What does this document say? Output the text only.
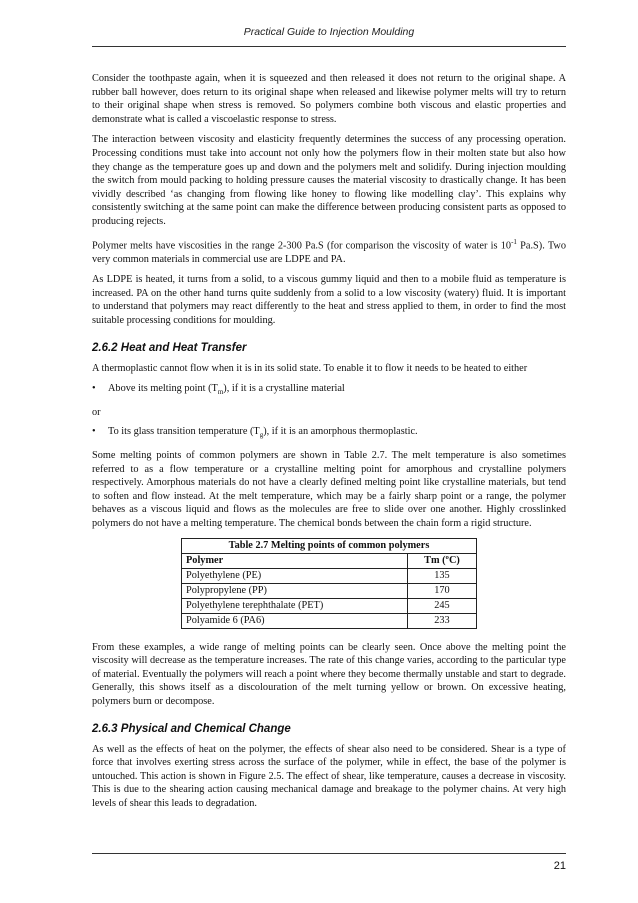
Practical Guide to Injection Moulding

Consider the toothpaste again, when it is squeezed and then released it does not return to the original shape. A rubber ball however, does return to its original shape when released and likewise polymer melts will try to return to their original shape when stress is removed. So polymers combine both viscous and elastic properties and demonstrate what is called a viscoelastic response to stress.

The interaction between viscosity and elasticity frequently determines the success of any processing operation. Processing conditions must take into account not only how the polymers flow in their molten state but also how they change as the temperature goes up and down and the polymers melt and solidify. During injection moulding the switch from mould packing to holding pressure causes the material viscosity to drastically change. It has been vividly described ‘as changing from flowing like honey to flowing like modelling clay’. This explains why consistently switching at the same point can make the difference between producing consistent parts as opposed to producing rejects.

Polymer melts have viscosities in the range 2-300 Pa.S (for comparison the viscosity of water is $10^{-1}$ Pa.S). Two very common materials in commercial use are LDPE and PA.

As LDPE is heated, it turns from a solid, to a viscous gummy liquid and then to a mobile fluid as temperature is increased. PA on the other hand turns quite suddenly from a solid to a low viscosity (watery) fluid. It is important to understand that polymers may react differently to the heat and stress applied to them, in order to find the most suitable processing conditions for moulding.

2.6.2 Heat and Heat Transfer

A thermoplastic cannot flow when it is in its solid state. To enable it to flow it needs to be heated to either

• Above its melting point $(T_m)$, if it is a crystalline material
or
• To its glass transition temperature $(T_g)$, if it is an amorphous thermoplastic.

Some melting points of common polymers are shown in Table 2.7. The melt temperature is also sometimes referred to as a flow temperature or a crystalline melting point for amorphous and crystalline polymers respectively. Amorphous materials do not have a clearly defined melting point like crystalline materials, but tend to soften and flow instead. At the melt temperature, which may be a fairly sharp point or a range, the polymer behaves as a viscous liquid and flows as the molecules are free to slide over one another. Highly crosslinked polymers do not have a melting temperature. The chemical bonds between the chain form a rigid structure.

Table 2.7 Melting points of common polymers	
Polymer	Tm (ºC)
Polyethylene (PE)	135
Polypropylene (PP)	170
Polyethylene terephthalate (PET)	245
Polyamide 6 (PA6)	233

From these examples, a wide range of melting points can be clearly seen. Once above the melting point the viscosity will decrease as the temperature increases. The rate of this change varies, according to the particular type of material. Eventually the polymers will reach a point where they become thermally unstable and start to degrade. Generally, this shows itself as a discolouration of the melt turning yellow or brown. On excessive heating, polymers burn or decompose.

2.6.3 Physical and Chemical Change

As well as the effects of heat on the polymer, the effects of shear also need to be considered. Shear is a type of force that involves exerting stress across the surface of the polymer, while in effect, the base of the polymer is untouched. This action is shown in Figure 2.5. The effect of shear, like temperature, causes a decrease in viscosity. This is due to the shearing action causing mechanical damage and breakage to the polymer chains. At very high levels of shear this leads to degradation.

21
